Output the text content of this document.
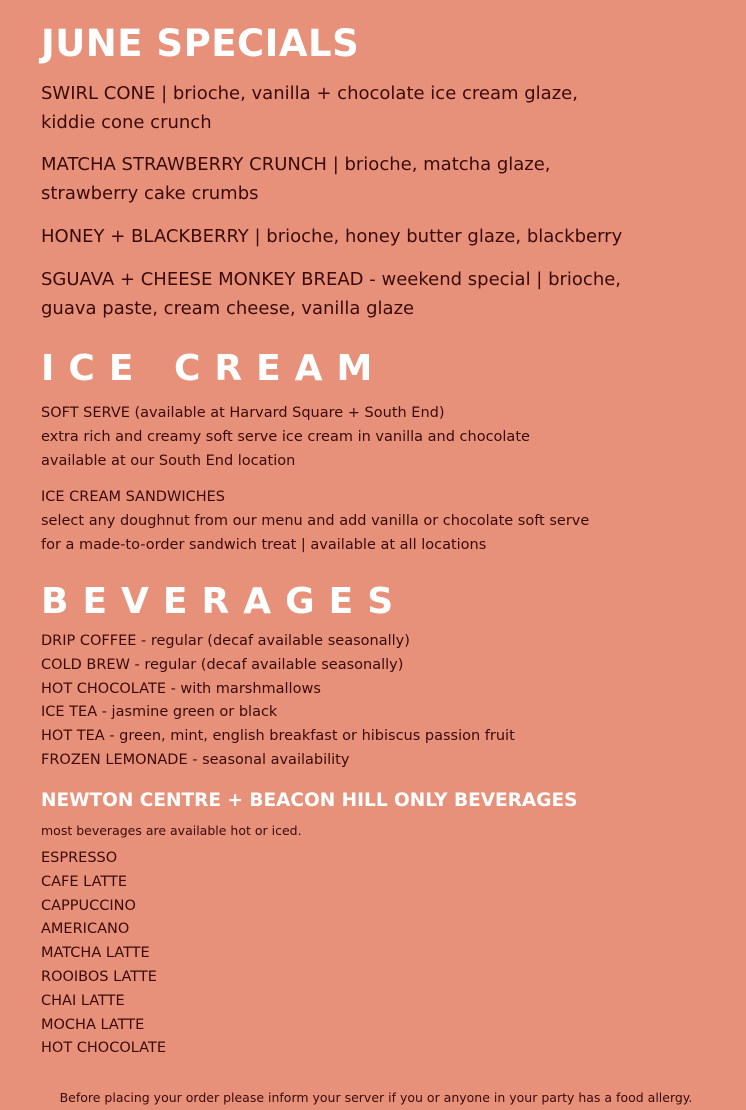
JUNE SPECIALS

SWIRL CONE | brioche, vanilla + chocolate ice cream glaze,
kiddie cone crunch

MATCHA STRAWBERRY CRUNCH | brioche, matcha glaze,
strawberry cake crumbs

HONEY + BLACKBERRY | brioche, honey butter glaze, blackberry

SGUAVA + CHEESE MONKEY BREAD - weekend special | brioche,
guava paste, cream cheese, vanilla glaze

ICE CREAM

SOFT SERVE (available at Harvard Square + South End)
extra rich and creamy soft serve ice cream in vanilla and chocolate
available at our South End location

ICE CREAM SANDWICHES
select any doughnut from our menu and add vanilla or chocolate soft serve
for a made-to-order sandwich treat | available at all locations

BEVERAGES

DRIP COFFEE - regular (decaf available seasonally)

COLD BREW - regular (decaf available seasonally)

HOT CHOCOLATE - with marshmallows

ICE TEA - jasmine green or black

HOT TEA - green, mint, english breakfast or hibiscus passion fruit

FROZEN LEMONADE - seasonal availability

NEWTON CENTRE + BEACON HILL ONLY BEVERAGES

most beverages are available hot or iced.

ESPRESSO

CAFE LATTE

CAPPUCCINO

AMERICANO

MATCHA LATTE

ROOIBOS LATTE

CHAI LATTE

MOCHA LATTE

HOT CHOCOLATE

Before placing your order please inform your server if you or anyone in your party has a food allergy.
